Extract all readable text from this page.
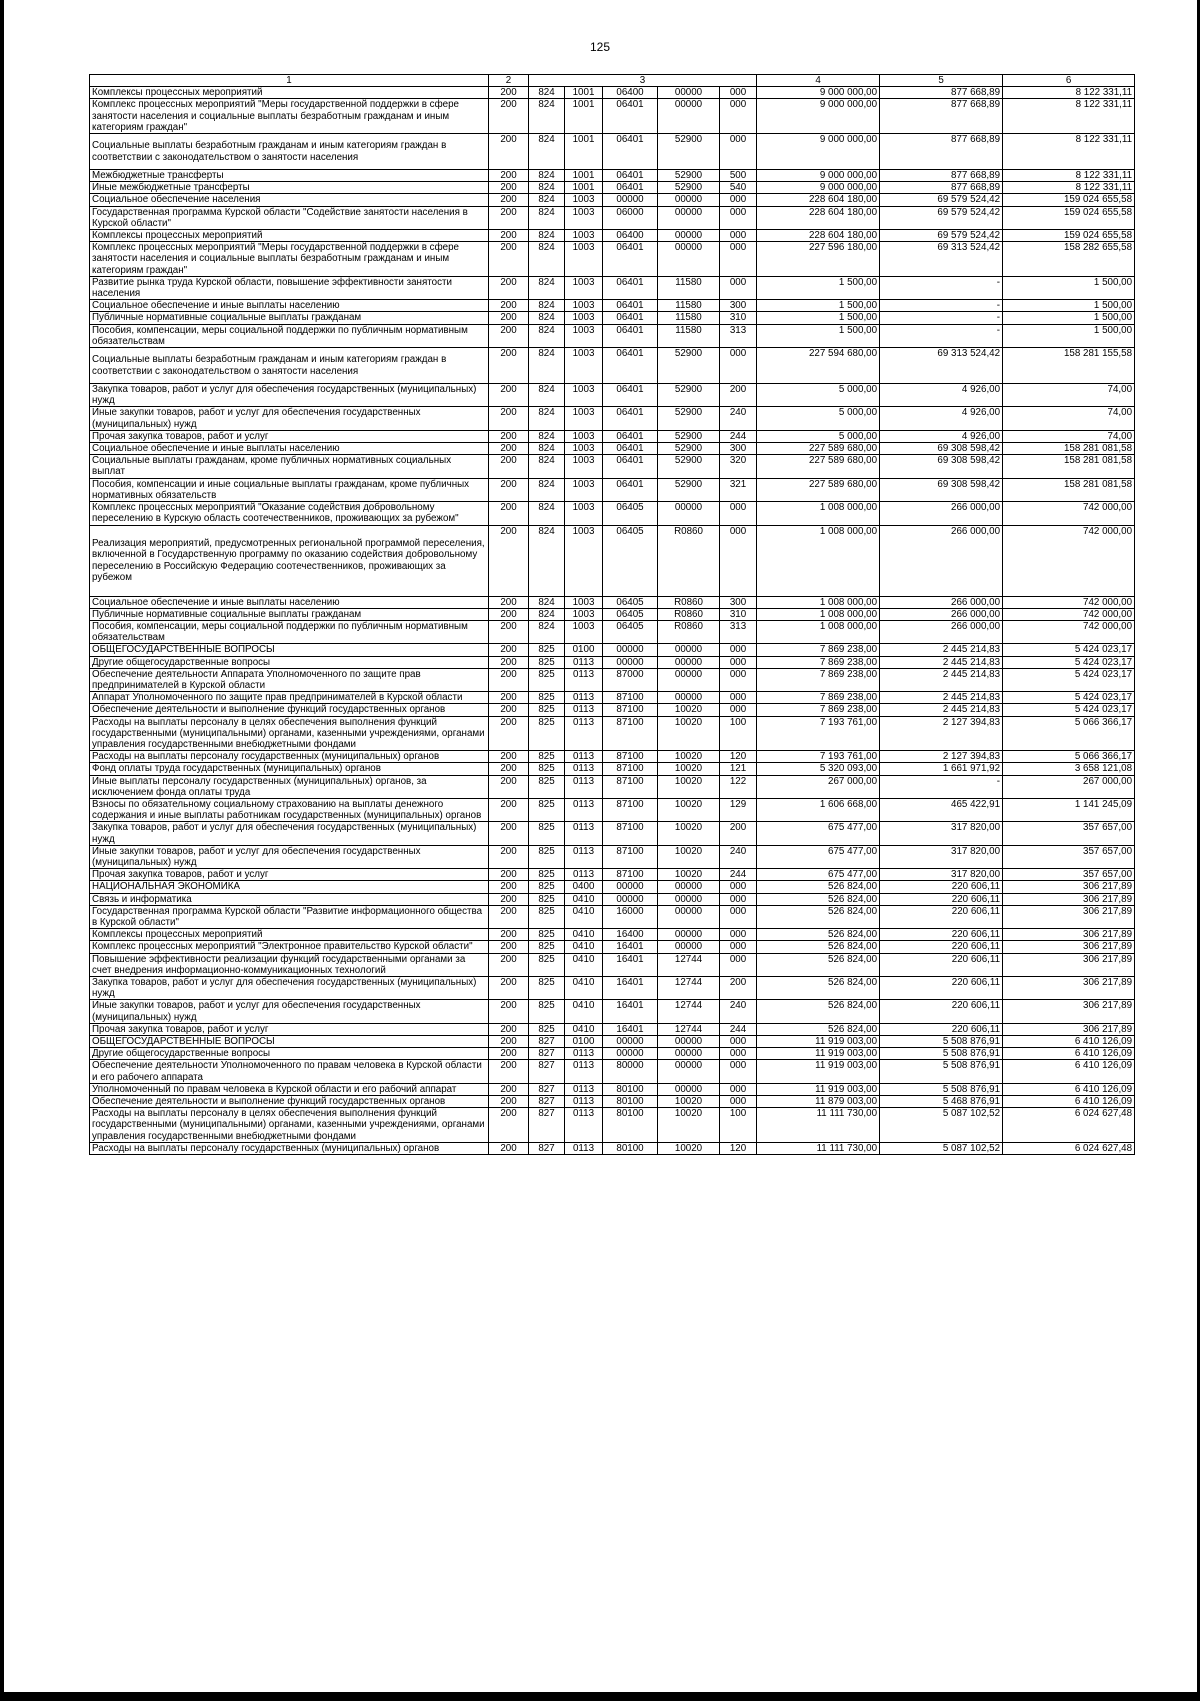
125
1	2	3					4	5	6
Комплексы процессных мероприятий	200	824	1001	06400	00000	000	9 000 000,00	877 668,89	8 122 331,11
Комплекс процессных мероприятий "Меры государственной поддержки в сфере занятости населения и социальные выплаты безработным гражданам и иным категориям граждан"	200	824	1001	06401	00000	000	9 000 000,00	877 668,89	8 122 331,11
Социальные выплаты безработным гражданам и иным категориям граждан в соответствии с законодательством о занятости населения	200	824	1001	06401	52900	000	9 000 000,00	877 668,89	8 122 331,11
Межбюджетные трансферты	200	824	1001	06401	52900	500	9 000 000,00	877 668,89	8 122 331,11
Иные межбюджетные трансферты	200	824	1001	06401	52900	540	9 000 000,00	877 668,89	8 122 331,11
Социальное обеспечение населения	200	824	1003	00000	00000	000	228 604 180,00	69 579 524,42	159 024 655,58
Государственная программа Курской области "Содействие занятости населения в Курской области"	200	824	1003	06000	00000	000	228 604 180,00	69 579 524,42	159 024 655,58
Комплексы процессных мероприятий	200	824	1003	06400	00000	000	228 604 180,00	69 579 524,42	159 024 655,58
Комплекс процессных мероприятий "Меры государственной поддержки в сфере занятости населения и социальные выплаты безработным гражданам и иным категориям граждан"	200	824	1003	06401	00000	000	227 596 180,00	69 313 524,42	158 282 655,58
Развитие рынка труда Курской области, повышение эффективности занятости населения	200	824	1003	06401	11580	000	1 500,00	-	1 500,00
Социальное обеспечение и иные выплаты населению	200	824	1003	06401	11580	300	1 500,00	-	1 500,00
Публичные нормативные социальные выплаты гражданам	200	824	1003	06401	11580	310	1 500,00	-	1 500,00
Пособия, компенсации, меры социальной поддержки по публичным нормативным обязательствам	200	824	1003	06401	11580	313	1 500,00	-	1 500,00
Социальные выплаты безработным гражданам и иным категориям граждан в соответствии с законодательством о занятости населения	200	824	1003	06401	52900	000	227 594 680,00	69 313 524,42	158 281 155,58
Закупка товаров, работ и услуг для обеспечения государственных (муниципальных) нужд	200	824	1003	06401	52900	200	5 000,00	4 926,00	74,00
Иные закупки товаров, работ и услуг для обеспечения государственных (муниципальных) нужд	200	824	1003	06401	52900	240	5 000,00	4 926,00	74,00
Прочая закупка товаров, работ и услуг	200	824	1003	06401	52900	244	5 000,00	4 926,00	74,00
Социальное обеспечение и иные выплаты населению	200	824	1003	06401	52900	300	227 589 680,00	69 308 598,42	158 281 081,58
Социальные выплаты гражданам, кроме публичных нормативных социальных выплат	200	824	1003	06401	52900	320	227 589 680,00	69 308 598,42	158 281 081,58
Пособия, компенсации и иные социальные выплаты гражданам, кроме публичных нормативных обязательств	200	824	1003	06401	52900	321	227 589 680,00	69 308 598,42	158 281 081,58
Комплекс процессных мероприятий "Оказание содействия добровольному переселению в Курскую область соотечественников, проживающих за рубежом"	200	824	1003	06405	00000	000	1 008 000,00	266 000,00	742 000,00
Реализация мероприятий, предусмотренных региональной программой переселения, включенной в Государственную программу по оказанию содействия добровольному переселению в Российскую Федерацию соотечественников, проживающих за рубежом	200	824	1003	06405	R0860	000	1 008 000,00	266 000,00	742 000,00
Социальное обеспечение и иные выплаты населению	200	824	1003	06405	R0860	300	1 008 000,00	266 000,00	742 000,00
Публичные нормативные социальные выплаты гражданам	200	824	1003	06405	R0860	310	1 008 000,00	266 000,00	742 000,00
Пособия, компенсации, меры социальной поддержки по публичным нормативным обязательствам	200	824	1003	06405	R0860	313	1 008 000,00	266 000,00	742 000,00
ОБЩЕГОСУДАРСТВЕННЫЕ ВОПРОСЫ	200	825	0100	00000	00000	000	7 869 238,00	2 445 214,83	5 424 023,17
Другие общегосударственные вопросы	200	825	0113	00000	00000	000	7 869 238,00	2 445 214,83	5 424 023,17
Обеспечение деятельности Аппарата Уполномоченного по защите прав предпринимателей в Курской области	200	825	0113	87000	00000	000	7 869 238,00	2 445 214,83	5 424 023,17
Аппарат Уполномоченного по защите прав предпринимателей в Курской области	200	825	0113	87100	00000	000	7 869 238,00	2 445 214,83	5 424 023,17
Обеспечение деятельности и выполнение функций государственных органов	200	825	0113	87100	10020	000	7 869 238,00	2 445 214,83	5 424 023,17
Расходы на выплаты персоналу в целях обеспечения выполнения функций государственными (муниципальными) органами, казенными учреждениями, органами управления государственными внебюджетными фондами	200	825	0113	87100	10020	100	7 193 761,00	2 127 394,83	5 066 366,17
Расходы на выплаты персоналу государственных (муниципальных) органов	200	825	0113	87100	10020	120	7 193 761,00	2 127 394,83	5 066 366,17
Фонд оплаты труда государственных (муниципальных) органов	200	825	0113	87100	10020	121	5 320 093,00	1 661 971,92	3 658 121,08
Иные выплаты персоналу государственных (муниципальных) органов, за исключением фонда оплаты труда	200	825	0113	87100	10020	122	267 000,00	-	267 000,00
Взносы по обязательному социальному страхованию на выплаты денежного содержания и иные выплаты работникам государственных (муниципальных) органов	200	825	0113	87100	10020	129	1 606 668,00	465 422,91	1 141 245,09
Закупка товаров, работ и услуг для обеспечения государственных (муниципальных) нужд	200	825	0113	87100	10020	200	675 477,00	317 820,00	357 657,00
Иные закупки товаров, работ и услуг для обеспечения государственных (муниципальных) нужд	200	825	0113	87100	10020	240	675 477,00	317 820,00	357 657,00
Прочая закупка товаров, работ и услуг	200	825	0113	87100	10020	244	675 477,00	317 820,00	357 657,00
НАЦИОНАЛЬНАЯ ЭКОНОМИКА	200	825	0400	00000	00000	000	526 824,00	220 606,11	306 217,89
Связь и информатика	200	825	0410	00000	00000	000	526 824,00	220 606,11	306 217,89
Государственная программа Курской области "Развитие информационного общества в Курской области"	200	825	0410	16000	00000	000	526 824,00	220 606,11	306 217,89
Комплексы процессных мероприятий	200	825	0410	16400	00000	000	526 824,00	220 606,11	306 217,89
Комплекс процессных мероприятий "Электронное правительство Курской области"	200	825	0410	16401	00000	000	526 824,00	220 606,11	306 217,89
Повышение эффективности реализации функций государственными органами за счет внедрения информационно-коммуникационных технологий	200	825	0410	16401	12744	000	526 824,00	220 606,11	306 217,89
Закупка товаров, работ и услуг для обеспечения государственных (муниципальных) нужд	200	825	0410	16401	12744	200	526 824,00	220 606,11	306 217,89
Иные закупки товаров, работ и услуг для обеспечения государственных (муниципальных) нужд	200	825	0410	16401	12744	240	526 824,00	220 606,11	306 217,89
Прочая закупка товаров, работ и услуг	200	825	0410	16401	12744	244	526 824,00	220 606,11	306 217,89
ОБЩЕГОСУДАРСТВЕННЫЕ ВОПРОСЫ	200	827	0100	00000	00000	000	11 919 003,00	5 508 876,91	6 410 126,09
Другие общегосударственные вопросы	200	827	0113	00000	00000	000	11 919 003,00	5 508 876,91	6 410 126,09
Обеспечение деятельности Уполномоченного по правам человека в Курской области и его рабочего аппарата	200	827	0113	80000	00000	000	11 919 003,00	5 508 876,91	6 410 126,09
Уполномоченный по правам человека в Курской области и его рабочий аппарат	200	827	0113	80100	00000	000	11 919 003,00	5 508 876,91	6 410 126,09
Обеспечение деятельности и выполнение функций государственных органов	200	827	0113	80100	10020	000	11 879 003,00	5 468 876,91	6 410 126,09
Расходы на выплаты персоналу в целях обеспечения выполнения функций государственными (муниципальными) органами, казенными учреждениями, органами управления государственными внебюджетными фондами	200	827	0113	80100	10020	100	11 111 730,00	5 087 102,52	6 024 627,48
Расходы на выплаты персоналу государственных (муниципальных) органов	200	827	0113	80100	10020	120	11 111 730,00	5 087 102,52	6 024 627,48
